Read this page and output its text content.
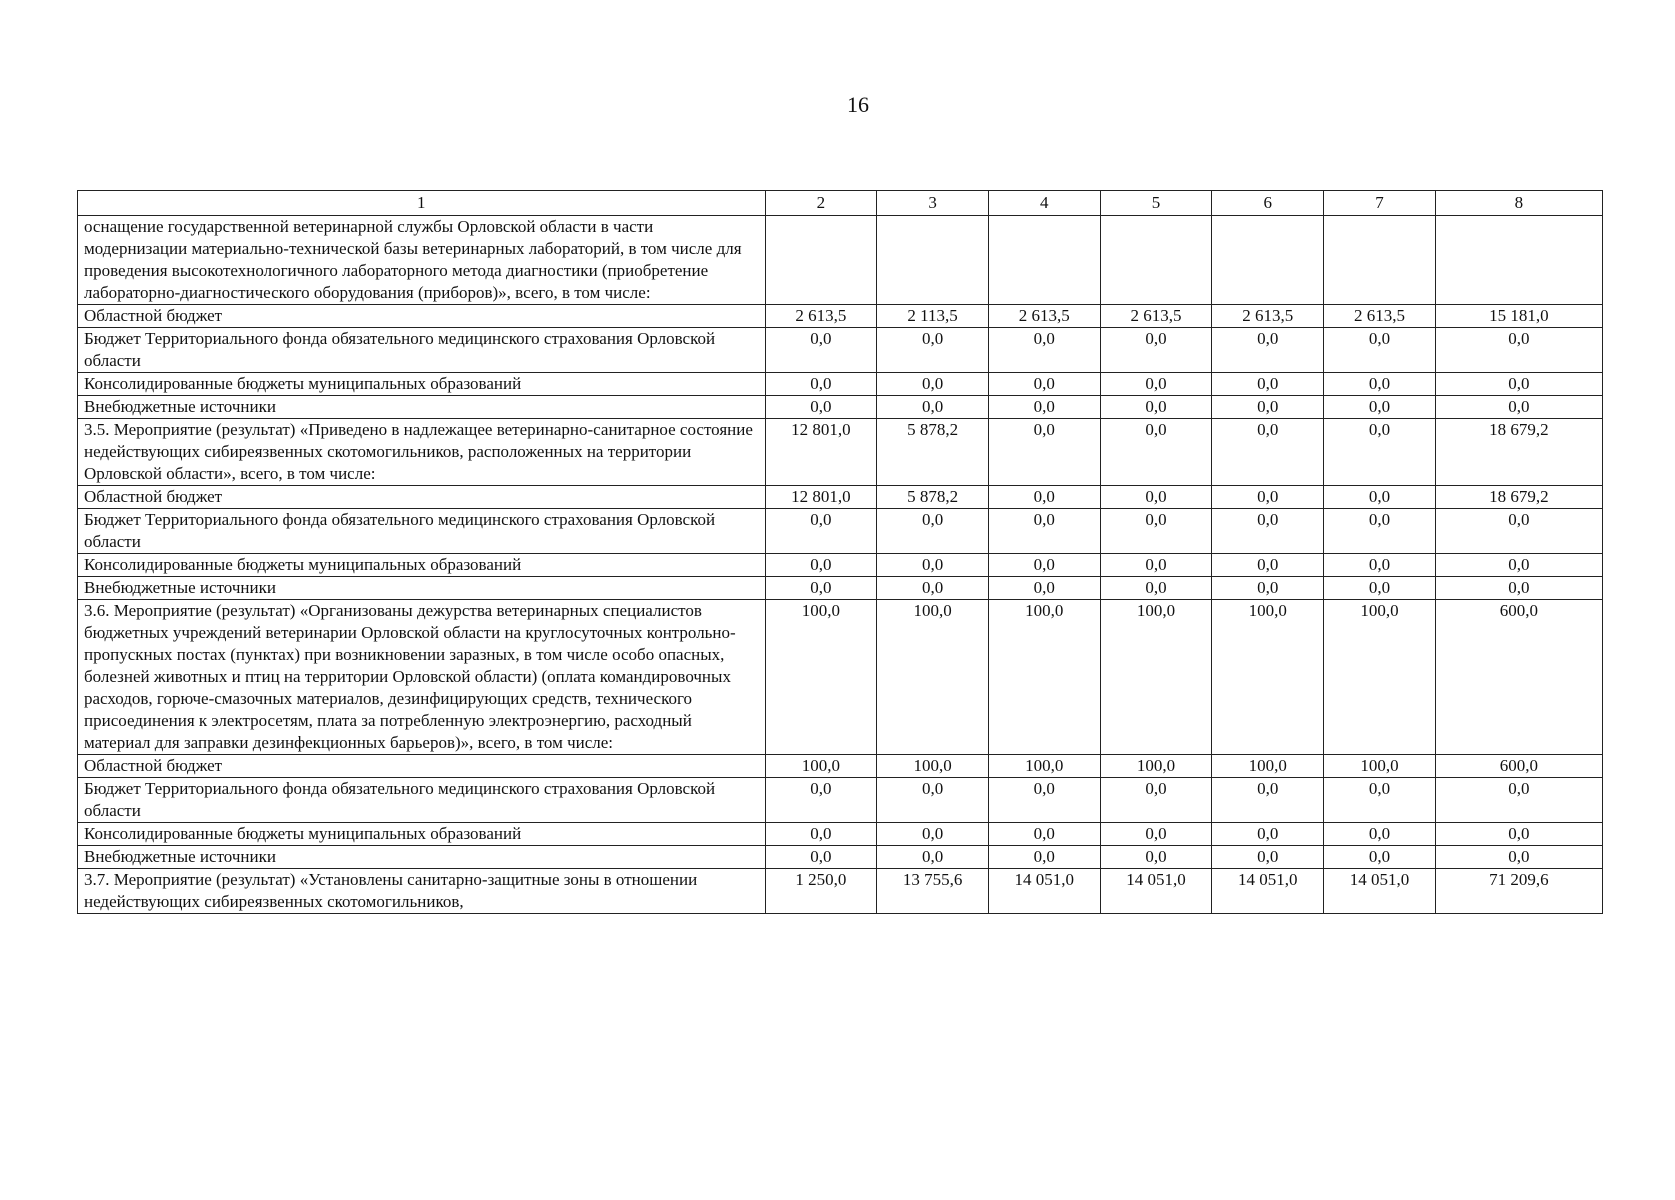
16
1	2	3	4	5	6	7	8
оснащение государственной ветеринарной службы Орловской области в части модернизации материально-технической базы ветеринарных лабораторий, в том числе для проведения высокотехнологичного лабораторного метода диагностики (приобретение лабораторно-диагностического оборудования (приборов)», всего, в том числе:							
Областной бюджет	2 613,5	2 113,5	2 613,5	2 613,5	2 613,5	2 613,5	15 181,0
Бюджет Территориального фонда обязательного медицинского страхования Орловской области	0,0	0,0	0,0	0,0	0,0	0,0	0,0
Консолидированные бюджеты муниципальных образований	0,0	0,0	0,0	0,0	0,0	0,0	0,0
Внебюджетные источники	0,0	0,0	0,0	0,0	0,0	0,0	0,0
3.5. Мероприятие (результат) «Приведено в надлежащее ветеринарно-санитарное состояние недействующих сибиреязвенных скотомогильников, расположенных на территории Орловской области», всего, в том числе:	12 801,0	5 878,2	0,0	0,0	0,0	0,0	18 679,2
Областной бюджет	12 801,0	5 878,2	0,0	0,0	0,0	0,0	18 679,2
Бюджет Территориального фонда обязательного медицинского страхования Орловской области	0,0	0,0	0,0	0,0	0,0	0,0	0,0
Консолидированные бюджеты муниципальных образований	0,0	0,0	0,0	0,0	0,0	0,0	0,0
Внебюджетные источники	0,0	0,0	0,0	0,0	0,0	0,0	0,0
3.6. Мероприятие (результат) «Организованы дежурства ветеринарных специалистов бюджетных учреждений ветеринарии Орловской области на круглосуточных контрольно-пропускных постах (пунктах) при возникновении заразных, в том числе особо опасных, болезней животных и птиц на территории Орловской области) (оплата командировочных расходов, горюче-смазочных материалов, дезинфицирующих средств, технического присоединения к электросетям, плата за потребленную электроэнергию, расходный материал для заправки дезинфекционных барьеров)», всего, в том числе:	100,0	100,0	100,0	100,0	100,0	100,0	600,0
Областной бюджет	100,0	100,0	100,0	100,0	100,0	100,0	600,0
Бюджет Территориального фонда обязательного медицинского страхования Орловской области	0,0	0,0	0,0	0,0	0,0	0,0	0,0
Консолидированные бюджеты муниципальных образований	0,0	0,0	0,0	0,0	0,0	0,0	0,0
Внебюджетные источники	0,0	0,0	0,0	0,0	0,0	0,0	0,0
3.7. Мероприятие (результат) «Установлены санитарно-защитные зоны в отношении недействующих сибиреязвенных скотомогильников,	1 250,0	13 755,6	14 051,0	14 051,0	14 051,0	14 051,0	71 209,6
